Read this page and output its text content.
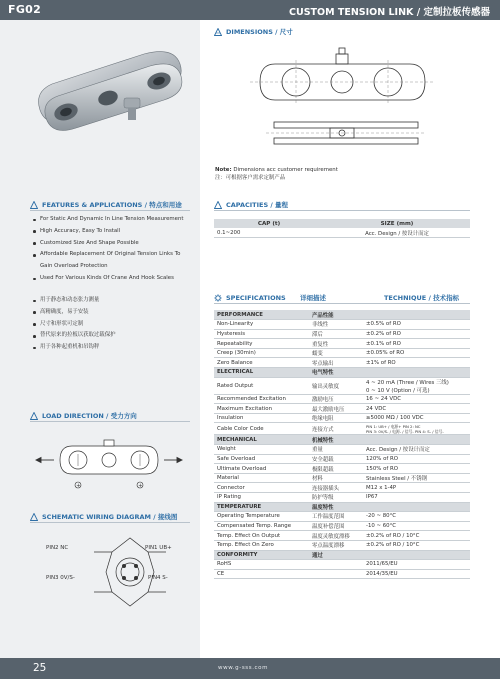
FG02	CUSTOM TENSION LINK / 定制拉板传感器
DIMENSIONS / 尺寸
Note: Dimensions acc customer requirement
注：可根据客户需求定制产品
FEATURES & APPLICATIONS / 特点和用途
For Static And Dynamic In Line Tension Measurement
High Accuracy, Easy To Install
Customized Size And Shape Possible
Affordable Replacement Of Original Tension Links To
Gain Overload Protection
Used For Various Kinds Of Crane And Hook Scales
用于静态和动态张力测量
高精确度，易于安装
尺寸和形状可定制
替代原来的拉板以获取过载保护
用于各种起重机和吊钩秤
CAPACITIES / 量程
CAP (t)	SIZE (mm)
0.1~200	Acc. Design / 按设计而定
SPECIFICATIONS	详细描述	TECHNIQUE / 技术指标
PERFORMANCE	产品性能	
Non-Linearity	非线性	±0.5% of RO
Hysteresis	滞后	±0.2% of RO
Repeatability	重复性	±0.1% of RO
Creep (30min)	蠕变	±0.05% of RO
Zero Balance	零点输出	±1% of RO
ELECTRICAL	电气特性	
Rated Output	输出灵敏度	4 ~ 20 mA (Three / Wires 三线)
0 ~ 10 V (Option / 可选)

Recommended Excitation	激励电压	16 ~ 24 VDC
Maximum Excitation	最大激励电压	24 VDC
Insulation	绝缘电阻	≥5000 MΩ / 100 VDC
Cable Color Code	连接方式	PIN 1: UB+ / 电源+ PIN 2: NC
PIN 3: 0V/S- / 电源- / 信号- PIN 4: S- / 信号-

MECHANICAL	机械特性	
Weight	重量	Acc. Design / 按设计而定
Safe Overload	安全超载	120% of RO
Ultimate Overload	极限超载	150% of RO
Material	材料	Stainless Steel / 不锈钢
Connector	连接器插头	M12 x 1-4P
IP Rating	防护等级	IP67
TEMPERATURE	温度特性	
Operating Temperature	工作温度范围	-20 ~ 80°C
Compensated Temp. Range	温度补偿范围	-10 ~ 60°C
Temp. Effect On Output	温度灵敏度漂移	±0.2% of RO / 10°C
Temp. Effect On Zero	零点温度漂移	±0.2% of RO / 10°C
CONFORMITY	通过	
RoHS		2011/65/EU
CE		2014/35/EU
LOAD DIRECTION / 受力方向
+	+
SCHEMATIC WIRING DIAGRAM / 接线图
PIN2 NC	PIN1 UB+
PIN3 0V/S-	PIN4 S-
25	www.g-sss.com
